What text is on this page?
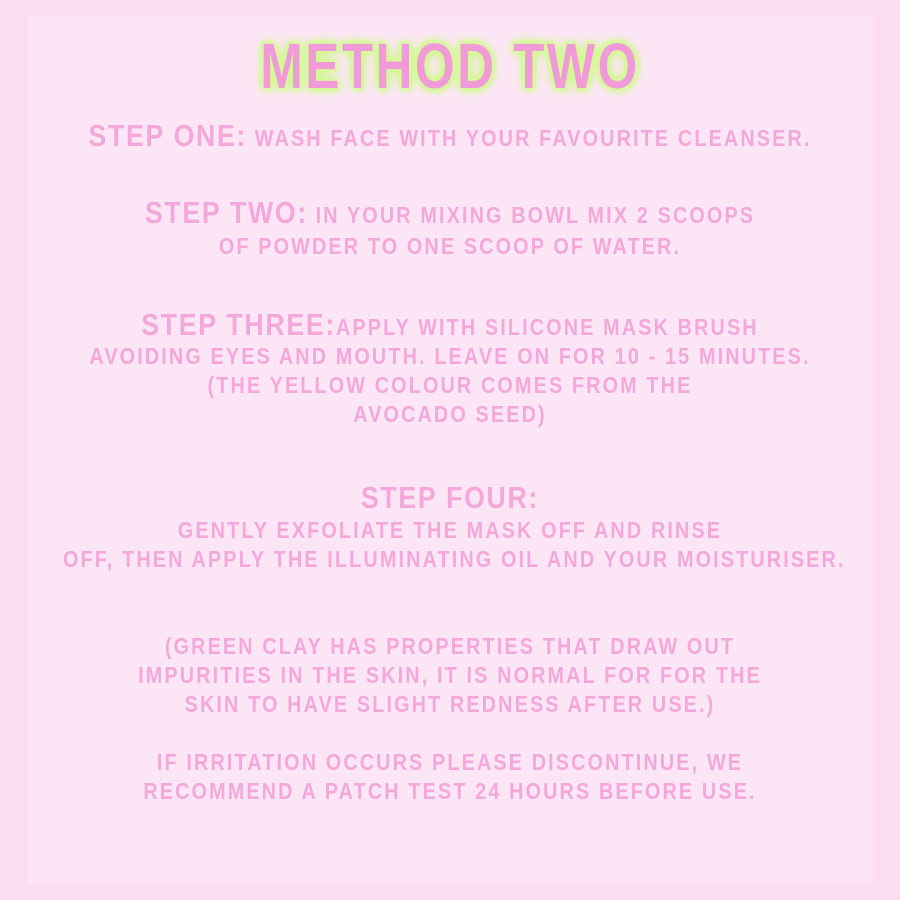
METHOD TWO
STEP ONE: WASH FACE WITH YOUR FAVOURITE CLEANSER.
STEP TWO: IN YOUR MIXING BOWL MIX 2 SCOOPS
OF POWDER TO ONE SCOOP OF WATER.
STEP THREE:APPLY WITH SILICONE MASK BRUSH
AVOIDING EYES AND MOUTH. LEAVE ON FOR 10 - 15 MINUTES.
(THE YELLOW COLOUR COMES FROM THE
AVOCADO SEED)
STEP FOUR:
GENTLY EXFOLIATE THE MASK OFF AND RINSE
OFF, THEN APPLY THE ILLUMINATING OIL AND YOUR MOISTURISER.
(GREEN CLAY HAS PROPERTIES THAT DRAW OUT
IMPURITIES IN THE SKIN, IT IS NORMAL FOR FOR THE
SKIN TO HAVE SLIGHT REDNESS AFTER USE.)
IF IRRITATION OCCURS PLEASE DISCONTINUE, WE
RECOMMEND A PATCH TEST 24 HOURS BEFORE USE.
